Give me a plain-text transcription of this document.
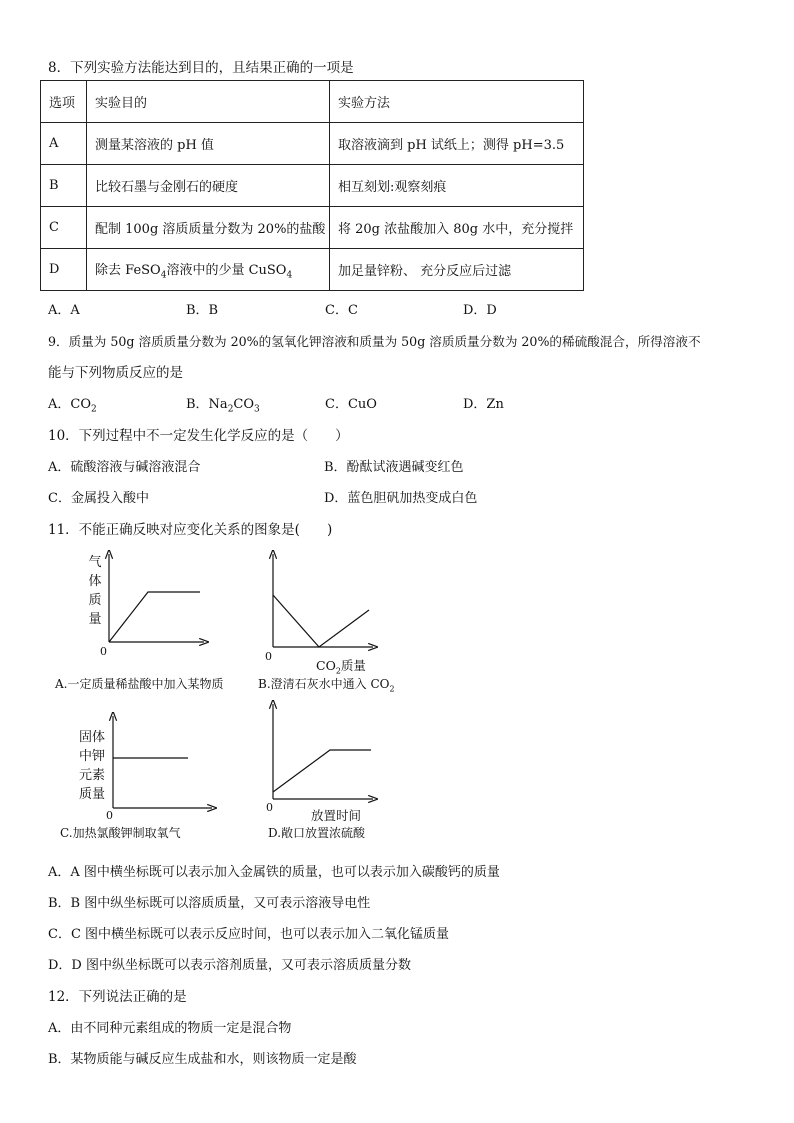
8．下列实验方法能达到目的，且结果正确的一项是
选项	实验目的	实验方法
A	测量某溶液的 pH 值	取溶液滴到 pH 试纸上；测得 pH=3.5
B	比较石墨与金刚石的硬度	相互刻划:观察刻痕
C	配制 100g 溶质质量分数为 20%的盐酸	将 20g 浓盐酸加入 80g 水中，充分搅拌
D	除去 FeSO$_4$溶液中的少量 CuSO$_4$	加足量锌粉、 充分反应后过滤
A．A	B．B	C．C	D．D
9．质量为 50g 溶质质量分数为 20%的氢氧化钾溶液和质量为 50g 溶质质量分数为 20%的稀硫酸混合，所得溶液不
能与下列物质反应的是
A．$CO_2$	B．$Na_2CO_3$	C．CuO	D．Zn
10．下列过程中不一定发生化学反应的是（　　）
A．硫酸溶液与碱溶液混合	B．酚酞试液遇碱变红色
C．金属投入酸中	D．蓝色胆矾加热变成白色
11．不能正确反映对应变化关系的图象是(　　)
气
体
质
量
0
A.一定质量稀盐酸中加入某物质
0
$CO_2$质量
B.澄清石灰水中通入 $CO_2$
固体
中钾
元素
质量
0
C.加热氯酸钾制取氧气
0
放置时间
D.敞口放置浓硫酸
A．A 图中横坐标既可以表示加入金属铁的质量，也可以表示加入碳酸钙的质量
B．B 图中纵坐标既可以溶质质量，又可表示溶液导电性
C．C 图中横坐标既可以表示反应时间，也可以表示加入二氧化锰质量
D．D 图中纵坐标既可以表示溶剂质量，又可表示溶质质量分数
12．下列说法正确的是
A．由不同种元素组成的物质一定是混合物
B．某物质能与碱反应生成盐和水，则该物质一定是酸
